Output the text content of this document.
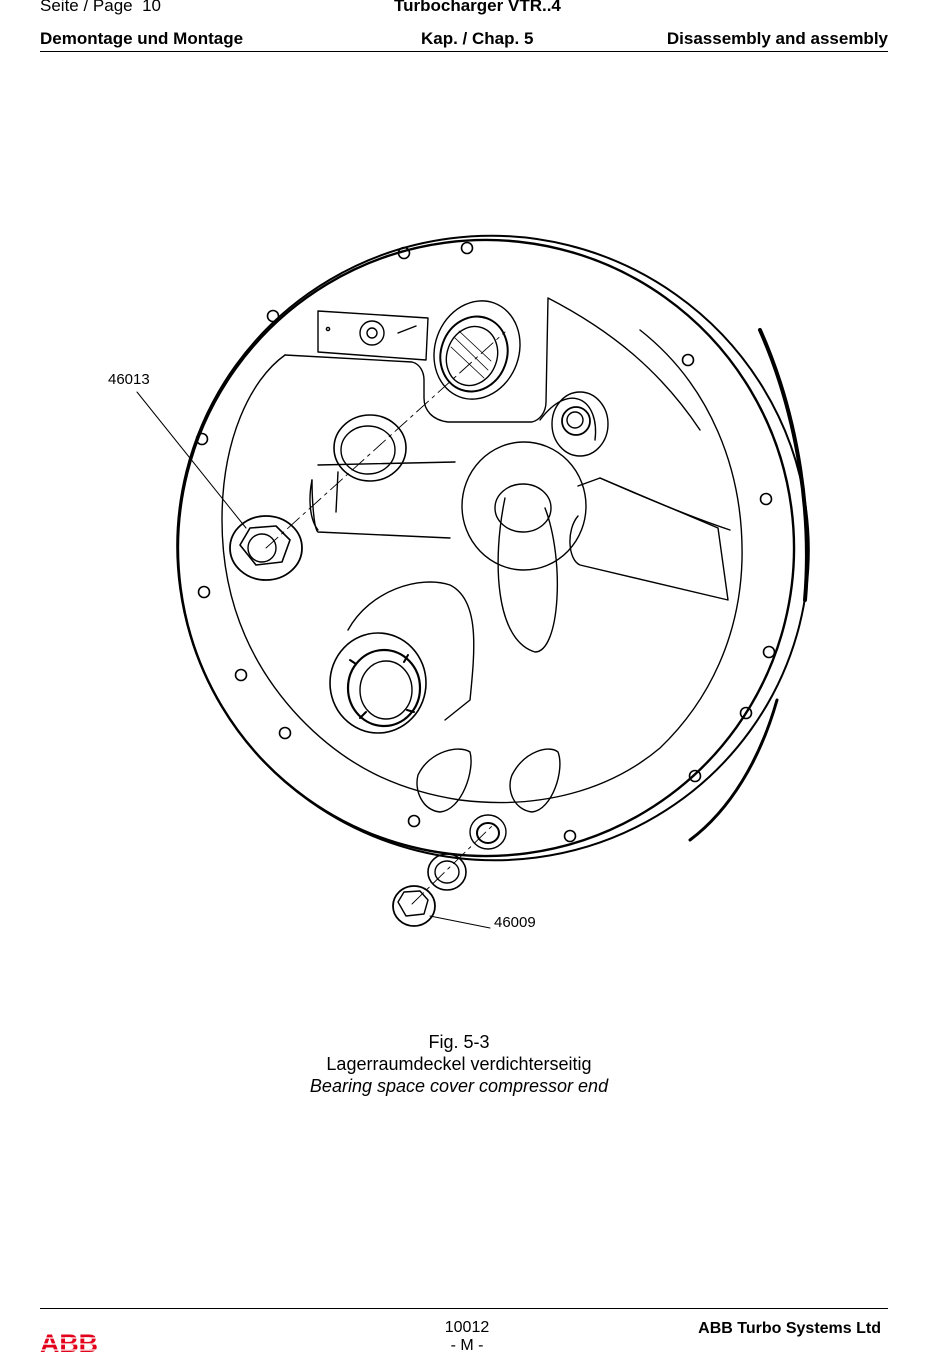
Seite / Page 10	Turbocharger VTR..4
Demontage und Montage	Kap. / Chap. 5	Disassembly and assembly
46013
46009
Fig. 5-3
Lagerraumdeckel verdichterseitig
Bearing space cover compressor end
ABB
10012
- M -
ABB Turbo Systems Ltd
